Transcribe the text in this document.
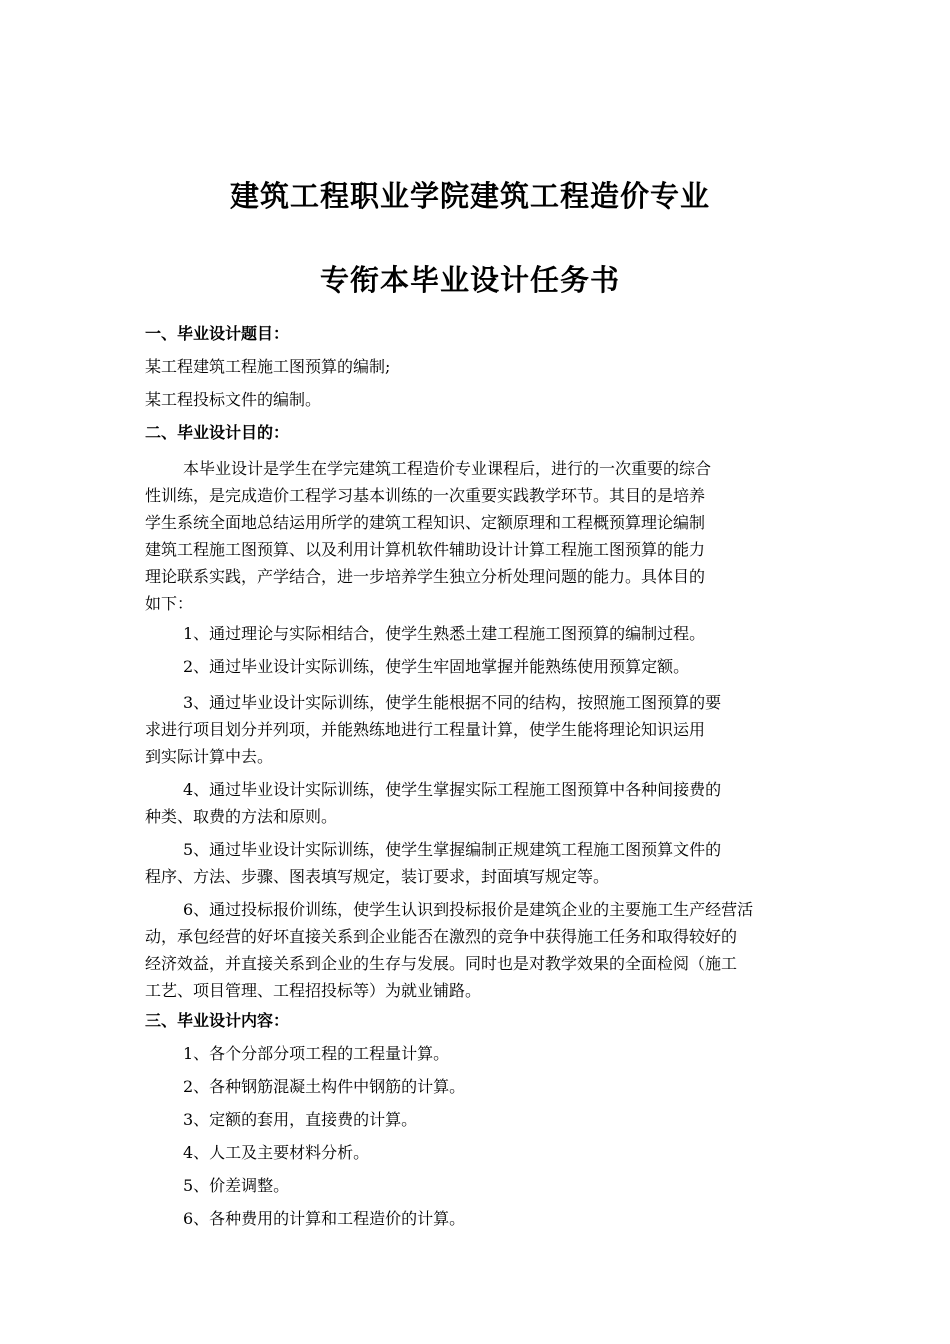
建筑工程职业学院建筑工程造价专业
专衔本毕业设计任务书
一、毕业设计题目：
某工程建筑工程施工图预算的编制;
某工程投标文件的编制。
二、毕业设计目的：
本毕业设计是学生在学完建筑工程造价专业课程后，进行的一次重要的综合
性训练，是完成造价工程学习基本训练的一次重要实践教学环节。其目的是培养
学生系统全面地总结运用所学的建筑工程知识、定额原理和工程概预算理论编制
建筑工程施工图预算、以及利用计算机软件辅助设计计算工程施工图预算的能力
理论联系实践，产学结合，进一步培养学生独立分析处理问题的能力。具体目的
如下：
1、通过理论与实际相结合，使学生熟悉土建工程施工图预算的编制过程。
2、通过毕业设计实际训练，使学生牢固地掌握并能熟练使用预算定额。
3、通过毕业设计实际训练，使学生能根据不同的结构，按照施工图预算的要
求进行项目划分并列项，并能熟练地进行工程量计算，使学生能将理论知识运用
到实际计算中去。
4、通过毕业设计实际训练，使学生掌握实际工程施工图预算中各种间接费的
种类、取费的方法和原则。
5、通过毕业设计实际训练，使学生掌握编制正规建筑工程施工图预算文件的
程序、方法、步骤、图表填写规定，装订要求，封面填写规定等。
6、通过投标报价训练，使学生认识到投标报价是建筑企业的主要施工生产经营活
动，承包经营的好坏直接关系到企业能否在激烈的竞争中获得施工任务和取得较好的
经济效益，并直接关系到企业的生存与发展。同时也是对教学效果的全面检阅（施工
工艺、项目管理、工程招投标等）为就业铺路。
三、毕业设计内容：
1、各个分部分项工程的工程量计算。
2、各种钢筋混凝土构件中钢筋的计算。
3、定额的套用，直接费的计算。
4、人工及主要材料分析。
5、价差调整。
6、各种费用的计算和工程造价的计算。
